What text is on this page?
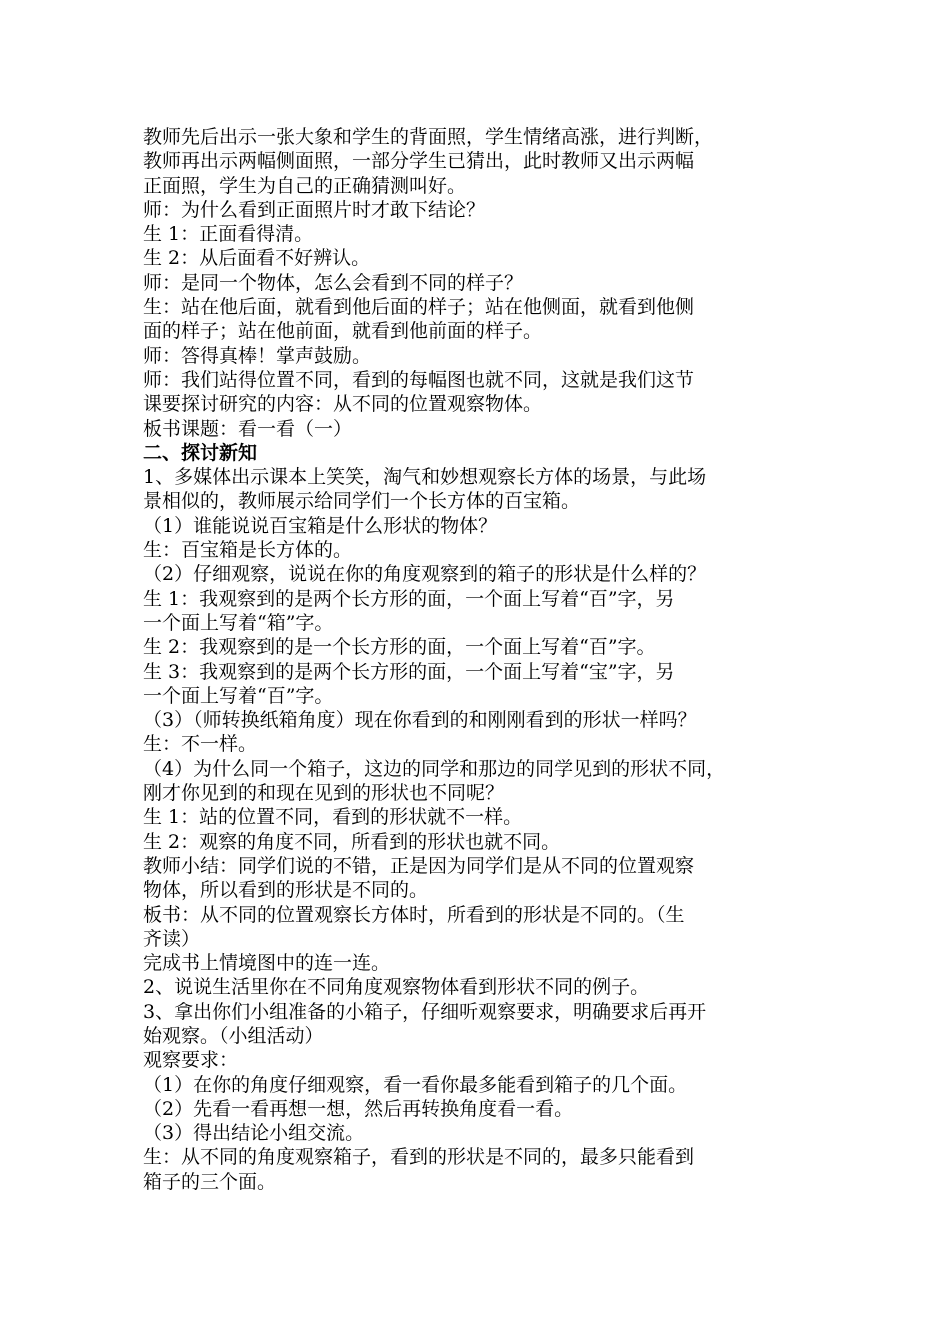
教师先后出示一张大象和学生的背面照，学生情绪高涨，进行判断，
教师再出示两幅侧面照，一部分学生已猜出，此时教师又出示两幅
正面照，学生为自己的正确猜测叫好。
师：为什么看到正面照片时才敢下结论？
生 1：正面看得清。
生 2：从后面看不好辨认。
师：是同一个物体，怎么会看到不同的样子？
生：站在他后面，就看到他后面的样子；站在他侧面，就看到他侧
面的样子；站在他前面，就看到他前面的样子。
师：答得真棒！掌声鼓励。
师：我们站得位置不同，看到的每幅图也就不同，这就是我们这节
课要探讨研究的内容：从不同的位置观察物体。
板书课题：看一看（一）
二、探讨新知
1、多媒体出示课本上笑笑，淘气和妙想观察长方体的场景，与此场
景相似的，教师展示给同学们一个长方体的百宝箱。
（1）谁能说说百宝箱是什么形状的物体？
生：百宝箱是长方体的。
（2）仔细观察，说说在你的角度观察到的箱子的形状是什么样的？
生 1：我观察到的是两个长方形的面，一个面上写着“百”字，另
一个面上写着“箱”字。
生 2：我观察到的是一个长方形的面，一个面上写着“百”字。
生 3：我观察到的是两个长方形的面，一个面上写着“宝”字，另
一个面上写着“百”字。
（3）（师转换纸箱角度）现在你看到的和刚刚看到的形状一样吗？
生：不一样。
（4）为什么同一个箱子，这边的同学和那边的同学见到的形状不同，
刚才你见到的和现在见到的形状也不同呢？
生 1：站的位置不同，看到的形状就不一样。
生 2：观察的角度不同，所看到的形状也就不同。
教师小结：同学们说的不错，正是因为同学们是从不同的位置观察
物体，所以看到的形状是不同的。
板书：从不同的位置观察长方体时，所看到的形状是不同的。（生
齐读）
完成书上情境图中的连一连。
2、说说生活里你在不同角度观察物体看到形状不同的例子。
3、拿出你们小组准备的小箱子，仔细听观察要求，明确要求后再开
始观察。（小组活动）
观察要求：
（1）在你的角度仔细观察，看一看你最多能看到箱子的几个面。
（2）先看一看再想一想，然后再转换角度看一看。
（3）得出结论小组交流。
生：从不同的角度观察箱子，看到的形状是不同的，最多只能看到
箱子的三个面。
